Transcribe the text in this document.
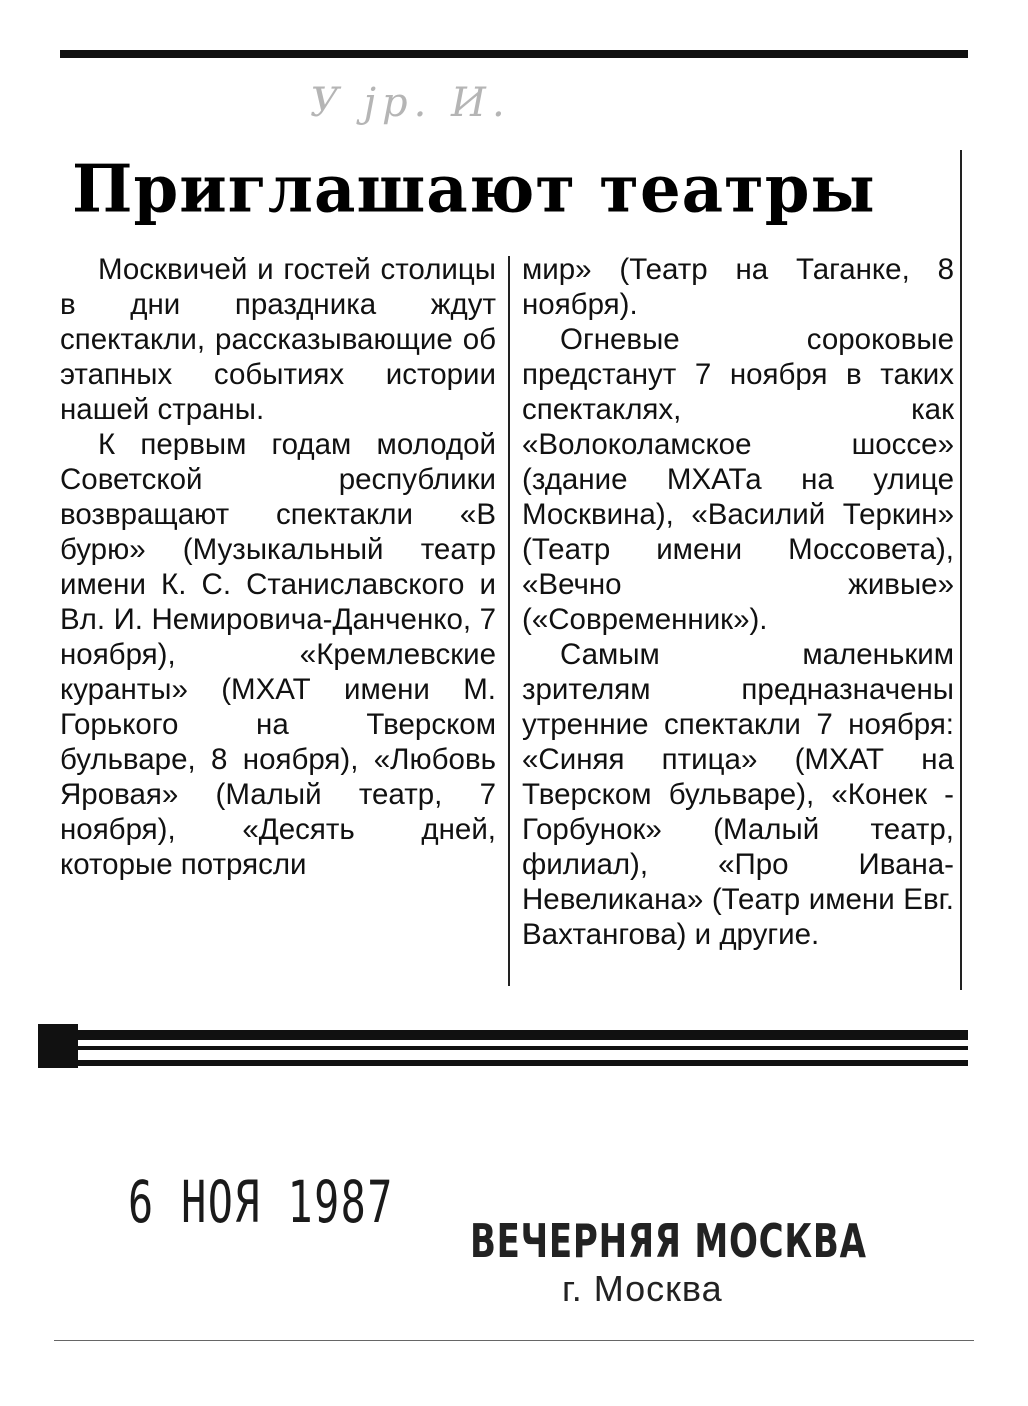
У јр. И.
Приглашают театры

Москвичей и гостей столицы в дни праздника ждут спектакли, рассказывающие об этапных событиях истории нашей страны.

К первым годам молодой Советской республики возвращают спектакли «В бурю» (Музыкальный театр имени К. С. Станиславского и Вл. И. Немировича-Данченко, 7 ноября), «Кремлевские куранты» (МХАТ имени М. Горького на Тверском бульваре, 8 ноября), «Любовь Яровая» (Малый театр, 7 ноября), «Десять дней, которые потрясли

мир» (Театр на Таганке, 8 ноября).

Огневые сороковые предстанут 7 ноября в таких спектаклях, как «Волоколамское шоссе» (здание МХАТа на улице Москвина), «Василий Теркин» (Театр имени Моссовета), «Вечно живые» («Современник»).

Самым маленьким зрителям предназначены утренние спектакли 7 ноября: «Синяя птица» (МХАТ на Тверском бульваре), «Конек - Горбунок» (Малый театр, филиал), «Про Ивана-Невеликана» (Театр имени Евг. Вахтангова) и другие.

6 НОЯ 1987
ВЕЧЕРНЯЯ МОСКВА
г. Москва
